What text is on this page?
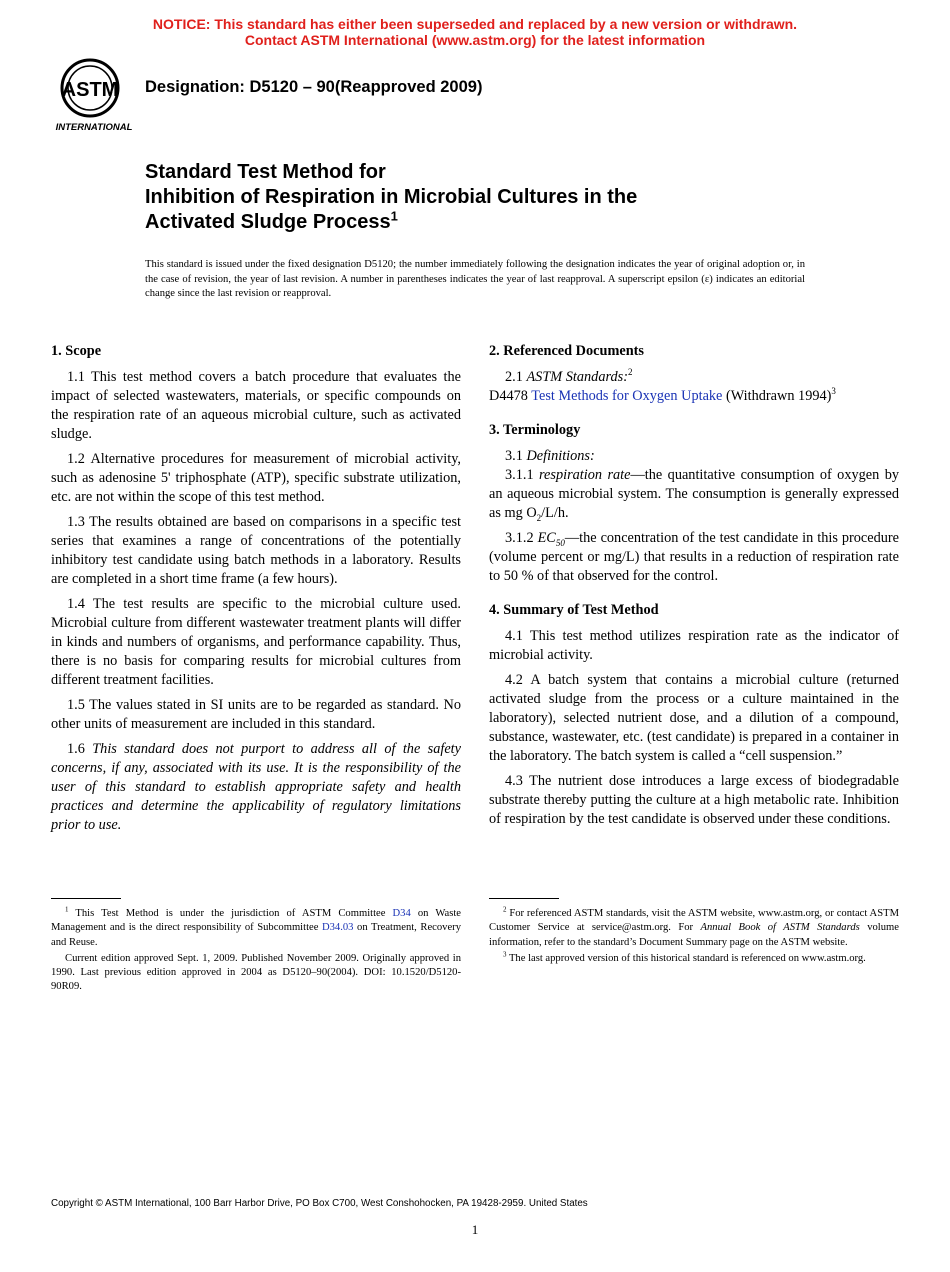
NOTICE: This standard has either been superseded and replaced by a new version or withdrawn.
Contact ASTM International (www.astm.org) for the latest information
ASTM
INTERNATIONAL
Designation: D5120 – 90(Reapproved 2009)
Standard Test Method for
Inhibition of Respiration in Microbial Cultures in the
Activated Sludge Process$^1$
This standard is issued under the fixed designation D5120; the number immediately following the designation indicates the year of original adoption or, in the case of revision, the year of last revision. A number in parentheses indicates the year of last reapproval. A superscript epsilon (ε) indicates an editorial change since the last revision or reapproval.
1. Scope

1.1 This test method covers a batch procedure that evaluates the impact of selected wastewaters, materials, or specific compounds on the respiration rate of an aqueous microbial culture, such as activated sludge.

1.2 Alternative procedures for measurement of microbial activity, such as adenosine 5' triphosphate (ATP), specific substrate utilization, etc. are not within the scope of this test method.

1.3 The results obtained are based on comparisons in a specific test series that examines a range of concentrations of the potentially inhibitory test candidate using batch methods in a laboratory. Results are completed in a short time frame (a few hours).

1.4 The test results are specific to the microbial culture used. Microbial culture from different wastewater treatment plants will differ in kinds and numbers of organisms, and performance capability. Thus, there is no basis for comparing results for microbial cultures from different treatment facilities.

1.5 The values stated in SI units are to be regarded as standard. No other units of measurement are included in this standard.

1.6 This standard does not purport to address all of the safety concerns, if any, associated with its use. It is the responsibility of the user of this standard to establish appropriate safety and health practices and determine the applicability of regulatory limitations prior to use.

2. Referenced Documents

2.1 ASTM Standards:$^2$

D4478 Test Methods for Oxygen Uptake (Withdrawn 1994)$^3$

3. Terminology

3.1 Definitions:

3.1.1 respiration rate—the quantitative consumption of oxygen by an aqueous microbial system. The consumption is generally expressed as mg $O_2/L/h$.

3.1.2 $EC_{50}—the$ concentration of the test candidate in this procedure (volume percent or mg/L) that results in a reduction of respiration rate to 50 % of that observed for the control.

4. Summary of Test Method

4.1 This test method utilizes respiration rate as the indicator of microbial activity.

4.2 A batch system that contains a microbial culture (returned activated sludge from the process or a culture maintained in the laboratory), selected nutrient dose, and a dilution of a compound, substance, wastewater, etc. (test candidate) is prepared in a container in the laboratory. The batch system is called a “cell suspension.”

4.3 The nutrient dose introduces a large excess of biodegradable substrate thereby putting the culture at a high metabolic rate. Inhibition of respiration by the test candidate is observed under these conditions.

$^1$ This Test Method is under the jurisdiction of ASTM Committee D34 on Waste Management and is the direct responsibility of Subcommittee D34.03 on Treatment, Recovery and Reuse.

Current edition approved Sept. 1, 2009. Published November 2009. Originally approved in 1990. Last previous edition approved in 2004 as D5120–90(2004). DOI: 10.1520/D5120-90R09.

$^2$ For referenced ASTM standards, visit the ASTM website, www.astm.org, or contact ASTM Customer Service at service@astm.org. For Annual Book of ASTM Standards volume information, refer to the standard’s Document Summary page on the ASTM website.

$^3$ The last approved version of this historical standard is referenced on www.astm.org.

Copyright © ASTM International, 100 Barr Harbor Drive, PO Box C700, West Conshohocken, PA 19428-2959. United States
1
